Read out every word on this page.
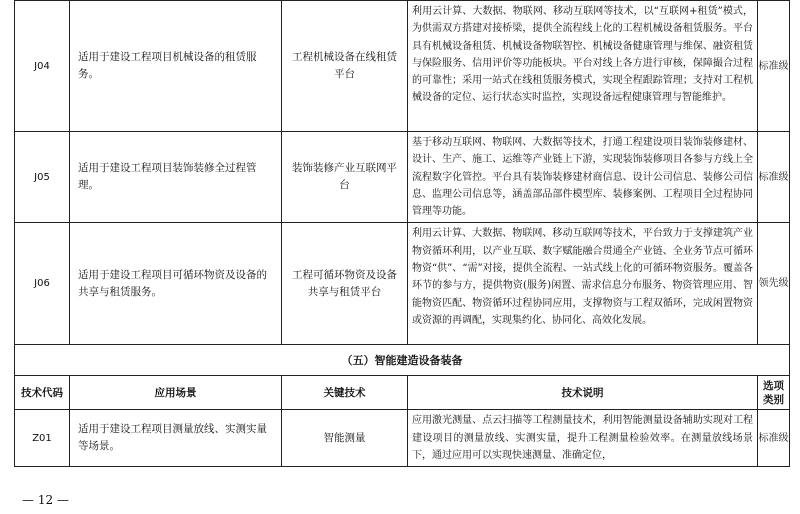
J04	适用于建设工程项目机械设备的租赁服务。	工程机械设备在线租赁平台	利用云计算、大数据、物联网、移动互联网等技术，以“互联网+租赁”模式，为供需双方搭建对接桥梁，提供全流程线上化的工程机械设备租赁服务。平台具有机械设备租赁、机械设备物联智控、机械设备健康管理与维保、融资租赁与保险服务、信用评价等功能板块。平台对线上各方进行审核，保障撮合过程的可靠性；采用一站式在线租赁服务模式，实现全程跟踪管理；支持对工程机械设备的定位、运行状态实时监控，实现设备远程健康管理与智能维护。	标准级
J05	适用于建设工程项目装饰装修全过程管理。	装饰装修产业互联网平台	基于移动互联网、物联网、大数据等技术，打通工程建设项目装饰装修建材、设计、生产、施工、运维等产业链上下游，实现装饰装修项目各参与方线上全流程数字化管控。平台具有装饰装修建材商信息、设计公司信息、装修公司信息、监理公司信息等，涵盖部品部件模型库、装修案例、工程项目全过程协同管理等功能。	标准级
J06	适用于建设工程项目可循环物资及设备的共享与租赁服务。	工程可循环物资及设备共享与租赁平台	利用云计算、大数据、物联网、移动互联网等技术，平台致力于支撑建筑产业物资循环利用，以产业互联、数字赋能融合贯通全产业链、全业务节点可循环物资“供”、“需”对接，提供全流程、一站式线上化的可循环物资服务。覆盖各环节的参与方，提供物资(服务)闲置、需求信息分布服务、物资管理应用、智能物资匹配、物资循环过程协同应用，支撑物资与工程双循环，完成闲置物资或资源的再调配，实现集约化、协同化、高效化发展。	领先级
（五）智能建造设备装备				
技术代码	应用场景	关键技术	技术说明	选项类别
Z01	适用于建设工程项目测量放线、实测实量等场景。	智能测量	应用激光测量、点云扫描等工程测量技术，利用智能测量设备辅助实现对工程建设项目的测量放线、实测实量，提升工程测量检验效率。在测量放线场景下，通过应用可以实现快速测量、准确定位，	标准级
— 12 —
